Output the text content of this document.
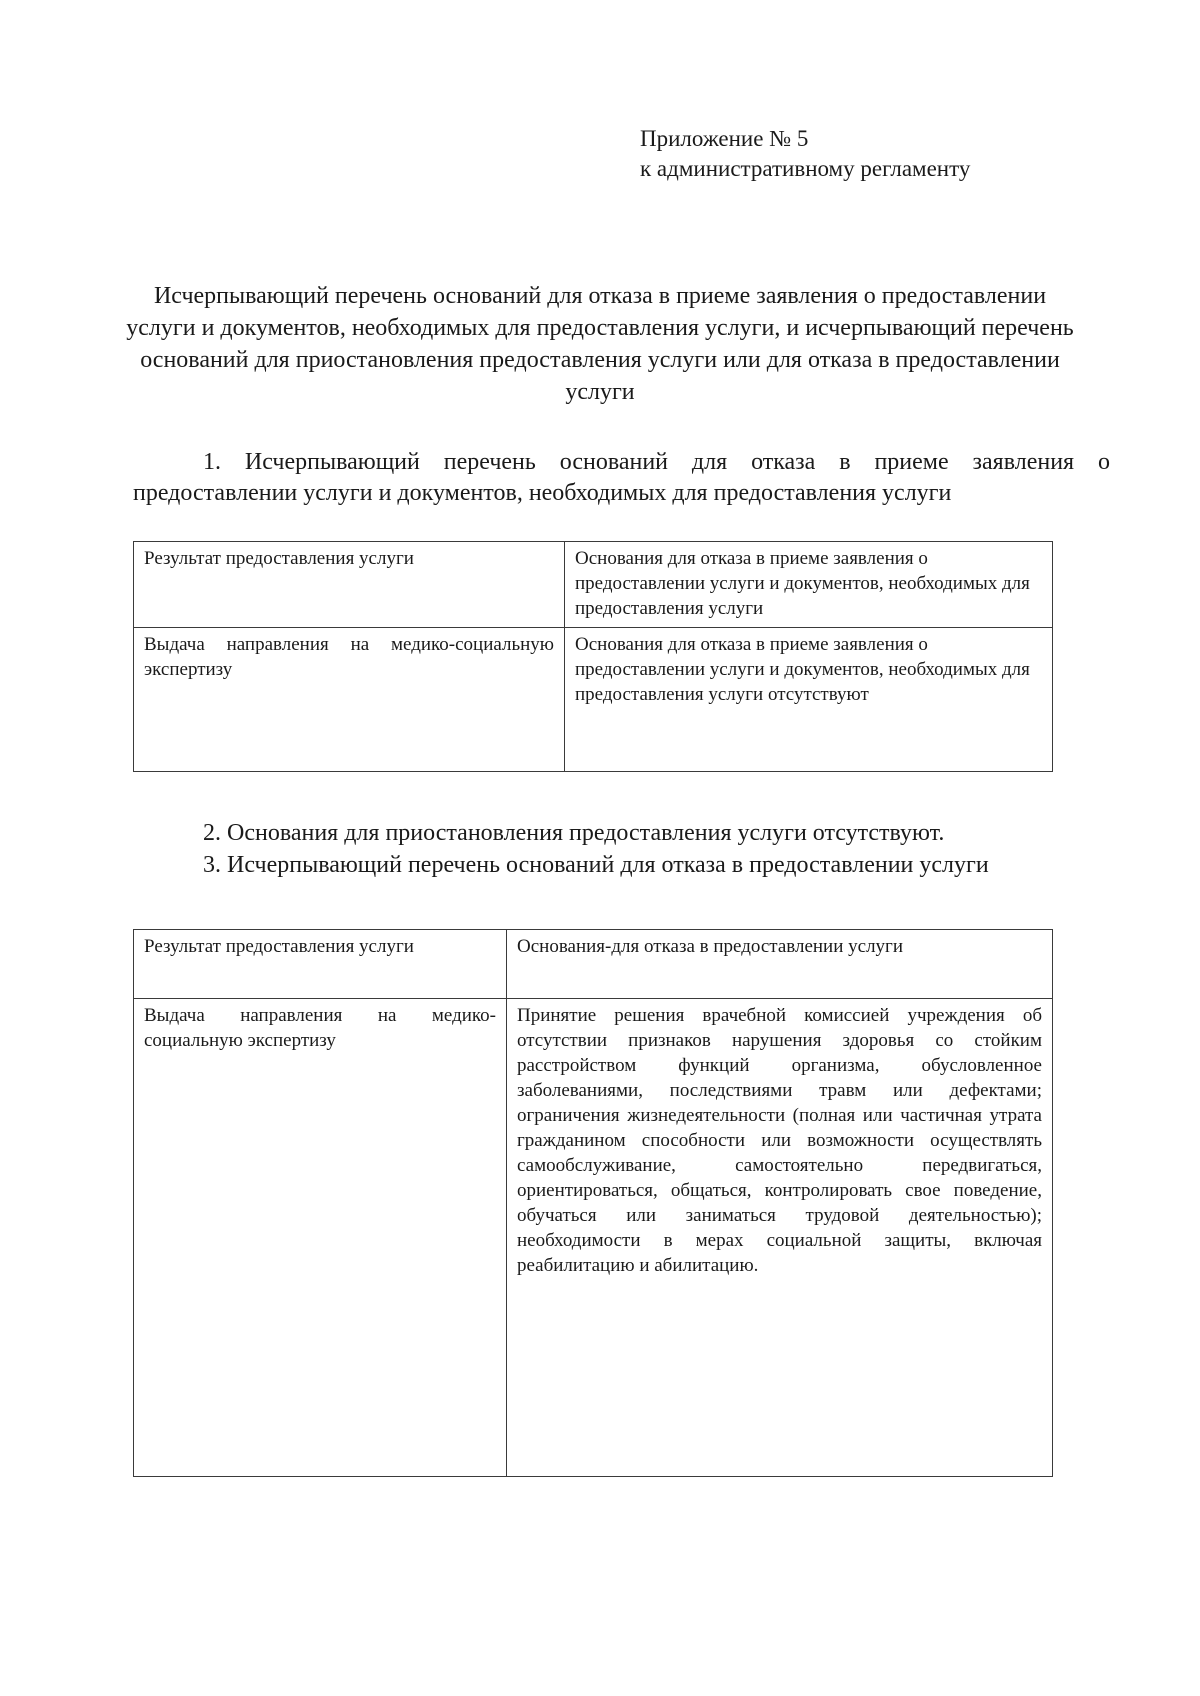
Приложение № 5
к административному регламенту
Исчерпывающий перечень оснований для отказа в приеме заявления о предоставлении услуги и документов, необходимых для предоставления услуги, и исчерпывающий перечень оснований для приостановления предоставления услуги или для отказа в предоставлении услуги
1. Исчерпывающий перечень оснований для отказа в приеме заявления о предоставлении услуги и документов, необходимых для предоставления услуги
Результат предоставления услуги	Основания для отказа в приеме заявления о предоставлении услуги и документов, необходимых для предоставления услуги
Выдача направления на медико-социальную экспертизу	Основания для отказа в приеме заявления о предоставлении услуги и документов, необходимых для предоставления услуги отсутствуют
2. Основания для приостановления предоставления услуги отсутствуют.
3. Исчерпывающий перечень оснований для отказа в предоставлении услуги
Результат предоставления услуги	Основания-для отказа в предоставлении услуги
Выдача направления на медико-социальную экспертизу	Принятие решения врачебной комиссией учреждения об отсутствии признаков нарушения здоровья со стойким расстройством функций организма, обусловленное заболеваниями, последствиями травм или дефектами; ограничения жизнедеятельности (полная или частичная утрата гражданином способности или возможности осуществлять самообслуживание, самостоятельно передвигаться, ориентироваться, общаться, контролировать свое поведение, обучаться или заниматься трудовой деятельностью); необходимости в мерах социальной защиты, включая реабилитацию и абилитацию.
